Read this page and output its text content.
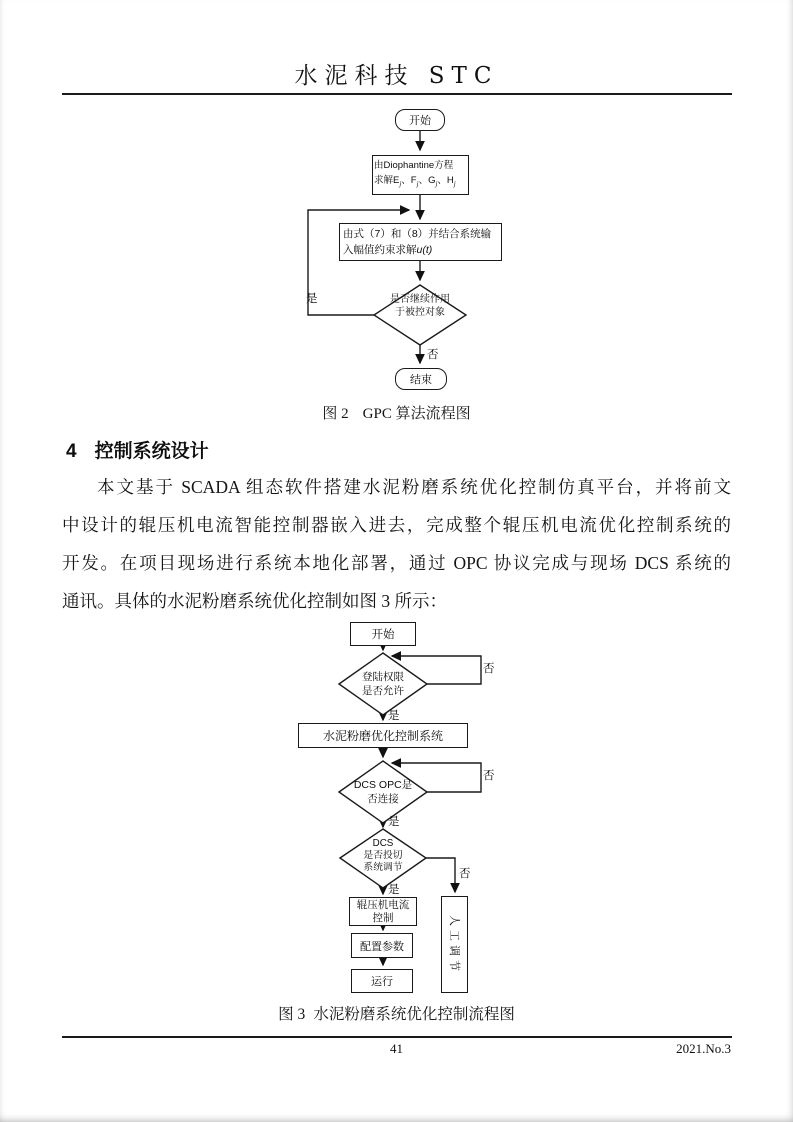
水泥科技 STC
开始
由Diophantine方程
求解$E_j$、$F_j$、$G_j$、$H_j$
由式（7）和（8）并结合系统输
入幅值约束求解u(t)
是否继续作用
于被控对象
结束
是
否
图 2 GPC 算法流程图
4 控制系统设计
本文基于 SCADA 组态软件搭建水泥粉磨系统优化控制仿真平台，并将前文
中设计的辊压机电流智能控制器嵌入进去，完成整个辊压机电流优化控制系统的
开发。在项目现场进行系统本地化部署，通过 OPC 协议完成与现场 DCS 系统的
通讯。具体的水泥粉磨系统优化控制如图 3 所示：
开始
登陆权限
是否允许
否
是
水泥粉磨优化控制系统
DCS OPC是
否连接
否
是
DCS
是否投切
系统调节
否
是
辊压机电流
控制
配置参数
运行
人工调节
图 3 水泥粉磨系统优化控制流程图
41	2021.No.3
